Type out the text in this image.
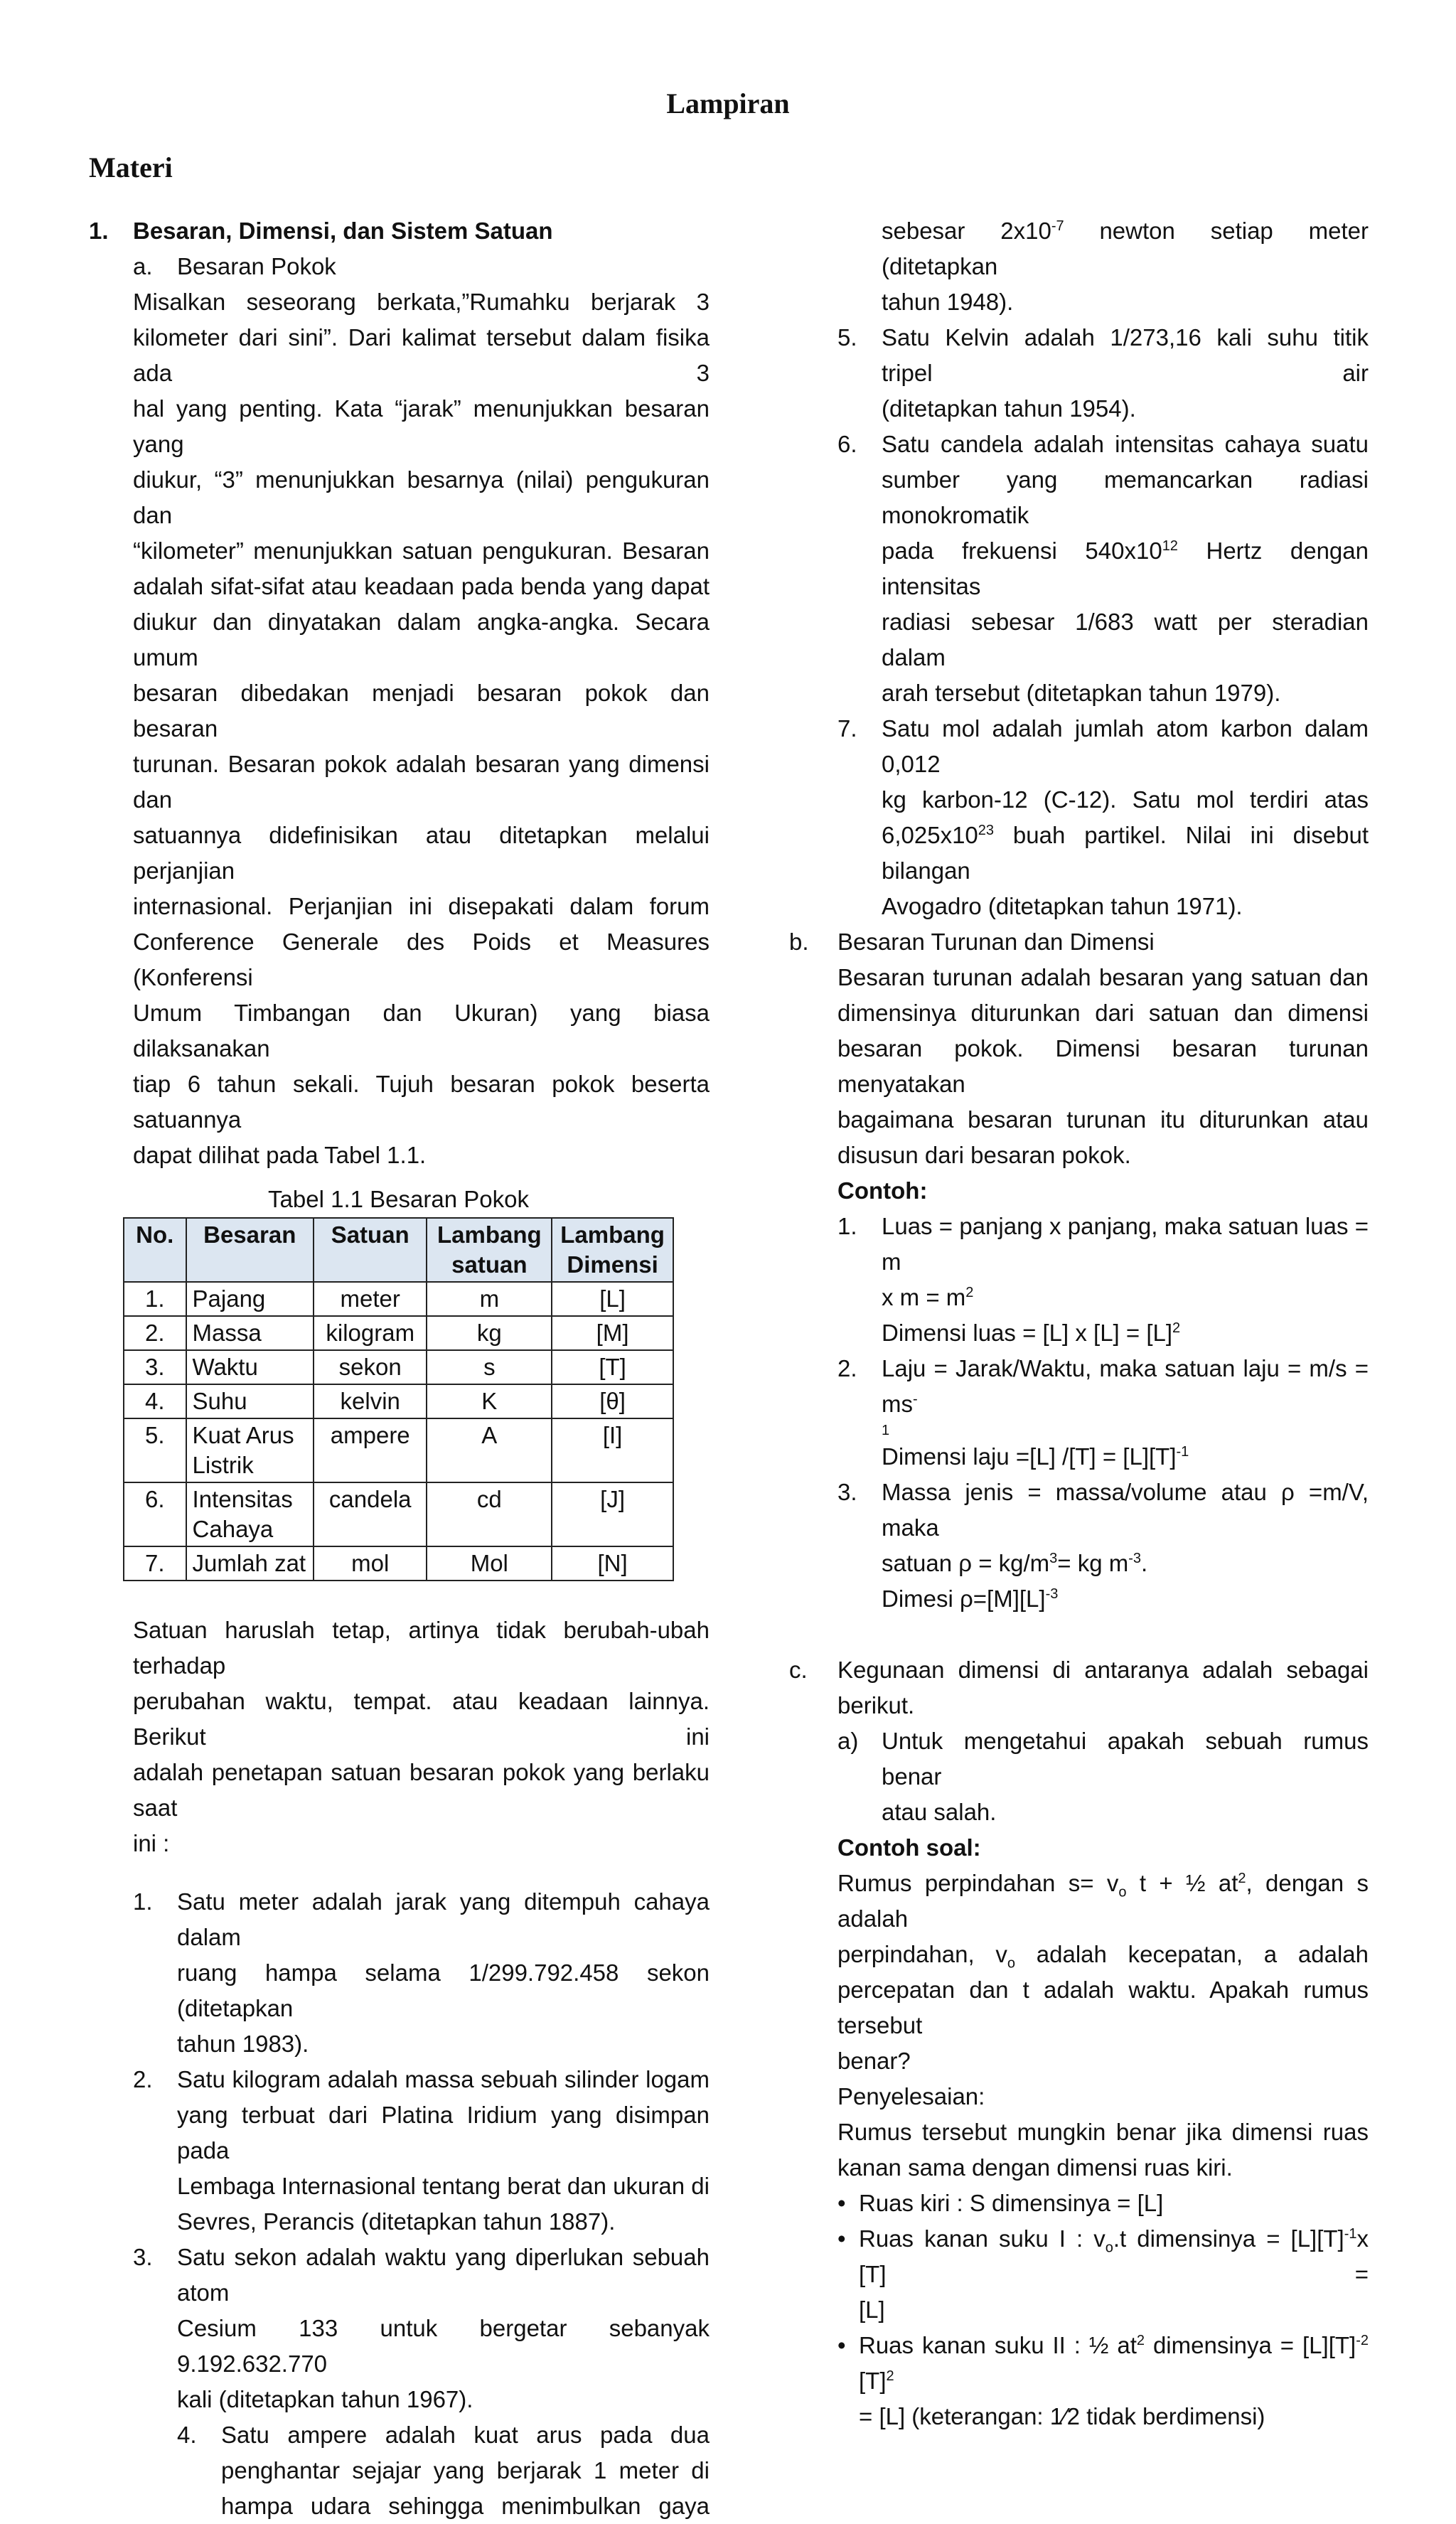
Lampiran
Materi
1.	Besaran, Dimensi, dan Sistem Satuan
a.	Besaran Pokok
Misalkan seseorang berkata,”Rumahku berjarak 3
kilometer dari sini”. Dari kalimat tersebut dalam fisika ada 3
hal yang penting. Kata “jarak” menunjukkan besaran yang
diukur, “3” menunjukkan besarnya (nilai) pengukuran dan
“kilometer” menunjukkan satuan pengukuran. Besaran
adalah sifat-sifat atau keadaan pada benda yang dapat
diukur dan dinyatakan dalam angka-angka. Secara umum
besaran dibedakan menjadi besaran pokok dan besaran
turunan. Besaran pokok adalah besaran yang dimensi dan
satuannya didefinisikan atau ditetapkan melalui perjanjian
internasional. Perjanjian ini disepakati dalam forum
Conference Generale des Poids et Measures (Konferensi
Umum Timbangan dan Ukuran) yang biasa dilaksanakan
tiap 6 tahun sekali. Tujuh besaran pokok beserta satuannya
dapat dilihat pada Tabel 1.1.
Tabel 1.1 Besaran Pokok
No.	Besaran	Satuan	Lambang satuan	Lambang Dimensi
1.	Pajang	meter	m	[L]
2.	Massa	kilogram	kg	[M]
3.	Waktu	sekon	s	[T]
4.	Suhu	kelvin	K	[θ]
5.	Kuat Arus Listrik	ampere	A	[I]
6.	Intensitas Cahaya	candela	cd	[J]
7.	Jumlah zat	mol	Mol	[N]
Satuan haruslah tetap, artinya tidak berubah-ubah terhadap
perubahan waktu, tempat. atau keadaan lainnya. Berikut ini
adalah penetapan satuan besaran pokok yang berlaku saat
ini :
1.	Satu meter adalah jarak yang ditempuh cahaya dalam
ruang hampa selama 1/299.792.458 sekon (ditetapkan
tahun 1983).
2.	Satu kilogram adalah massa sebuah silinder logam
yang terbuat dari Platina Iridium yang disimpan pada
Lembaga Internasional tentang berat dan ukuran di
Sevres, Perancis (ditetapkan tahun 1887).
3.	Satu sekon adalah waktu yang diperlukan sebuah atom
Cesium 133 untuk bergetar sebanyak 9.192.632.770
kali (ditetapkan tahun 1967).
4.	Satu ampere adalah kuat arus pada dua
penghantar sejajar yang berjarak 1 meter di
hampa udara sehingga menimbulkan gaya
sebesar $2x10^{-7}$ newton setiap meter (ditetapkan
tahun 1948).
5.	Satu Kelvin adalah 1/273,16 kali suhu titik tripel air
(ditetapkan tahun 1954).
6.	Satu candela adalah intensitas cahaya suatu
sumber yang memancarkan radiasi monokromatik
pada frekuensi $540x10^{12}$ Hertz dengan intensitas
radiasi sebesar 1/683 watt per steradian dalam
arah tersebut (ditetapkan tahun 1979).
7.	Satu mol adalah jumlah atom karbon dalam 0,012
kg karbon-12 (C-12). Satu mol terdiri atas
$6,025x10^{23}$ buah partikel. Nilai ini disebut bilangan
Avogadro (ditetapkan tahun 1971).
b.	Besaran Turunan dan Dimensi
Besaran turunan adalah besaran yang satuan dan
dimensinya diturunkan dari satuan dan dimensi
besaran pokok. Dimensi besaran turunan menyatakan
bagaimana besaran turunan itu diturunkan atau
disusun dari besaran pokok.
Contoh:
1.	Luas = panjang x panjang, maka satuan luas = m
x $m = m^2$
Dimensi luas = [L] x $[L] = [L]^2$
2.	Laju = Jarak/Waktu, maka satuan laju = m/s = ms-
1
Dimensi laju =[L] $/[T] = [L][T]^{-1}$
3.	Massa jenis = massa/volume atau ρ =m/V, maka
satuan $\rho = kg/m^3=$ kg $m^{-3}$.
Dimesi $\rho=[M][L]^{-3}$
c.	Kegunaan dimensi di antaranya adalah sebagai
berikut.
a) Untuk mengetahui apakah sebuah rumus benar
atau salah.
Contoh soal:
Rumus perpindahan $s= v_o$ t + ½ $at^2$, dengan s adalah
perpindahan, $v_o$ adalah kecepatan, a adalah
percepatan dan t adalah waktu. Apakah rumus tersebut
benar?
Penyelesaian:
Rumus tersebut mungkin benar jika dimensi ruas
kanan sama dengan dimensi ruas kiri.
• Ruas kiri : S dimensinya = [L]
• Ruas kanan suku I : $v_o.t$ dimensinya = $[L][T]^{-1}x$ [T] =
[L]
• Ruas kanan suku II : ½ $at^2$ dimensinya = $[L][T]^{-2}$ $[T]^2$
= [L] (keterangan: 1⁄2 tidak berdimensi)
